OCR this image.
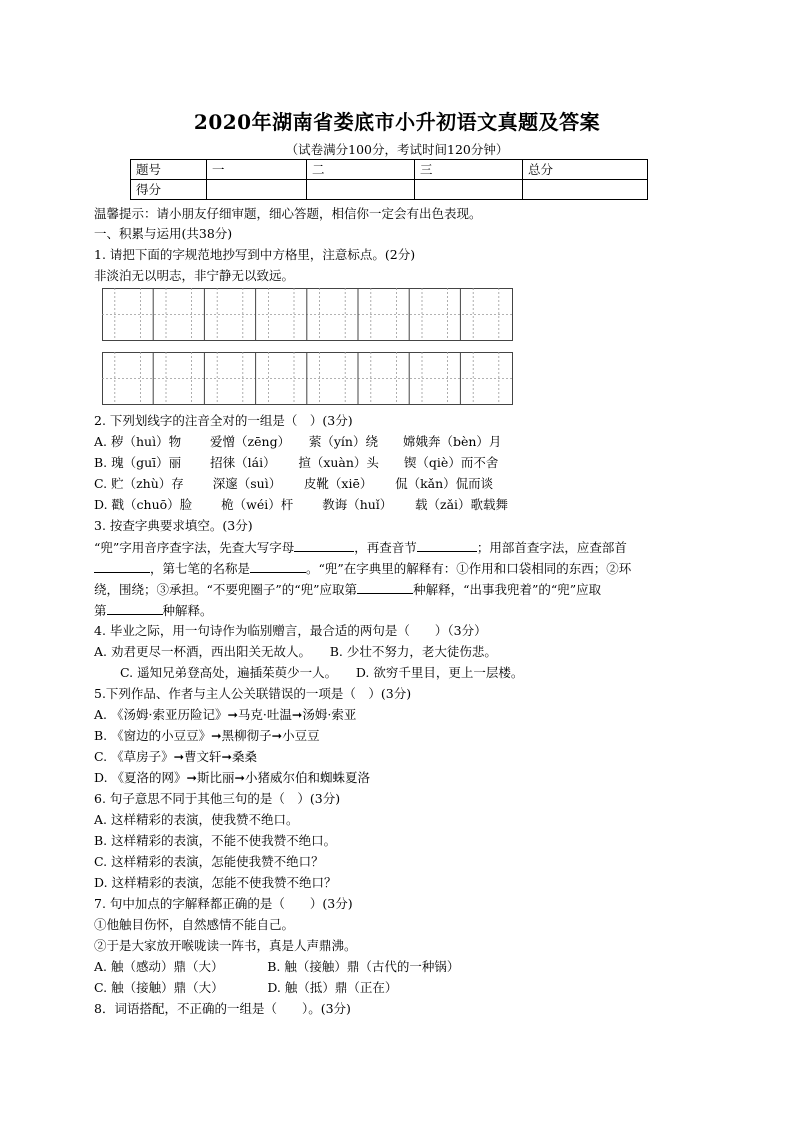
2020年湖南省娄底市小升初语文真题及答案
（试卷满分100分，考试时间120分钟）
题号	一	二	三	总分
得分				
温馨提示：请小朋友仔细审题，细心答题，相信你一定会有出色表现。
一、积累与运用(共38分)
1. 请把下面的字规范地抄写到中方格里，注意标点。(2分)
非淡泊无以明志，非宁静无以致远。
2. 下列划线字的注音全对的一组是（　）(3分)
A. 秽（huì）物　　 爱憎（zēng）　　萦（yín）绕　　嫦娥奔（bèn）月
B. 瑰（guī）丽　　 招徕（lái）　　 揎（xuàn）头　　锲（qiè）而不舍
C. 贮（zhù）存　　 深邃（suì）　　 皮靴（xiē）　　 侃（kǎn）侃而谈
D. 戳（chuō）脸　　 桅（wéi）杆　　 教诲（huǐ）　　 载（zǎi）歌载舞
3. 按查字典要求填空。(3分)
“兜”字用音序查字法，先查大写字母	，再查音节	；用部首查字法，应查部首
，第七笔的名称是	。“兜”在字典里的解释有：①作用和口袋相同的东西；②环
绕，围绕；③承担。“不要兜圈子”的“兜”应取第	种解释，“出事我兜着”的“兜”应取
第	种解释。
4. 毕业之际，用一句诗作为临别赠言，最合适的两句是（　　）（3分）
A. 劝君更尽一杯酒，西出阳关无故人。　　B. 少壮不努力，老大徒伤悲。
C. 遥知兄弟登高处，遍插茱萸少一人。　　D. 欲穷千里目，更上一层楼。
5.下列作品、作者与主人公关联错误的一项是（　）(3分)
A. 《汤姆·索亚历险记》➞马克·吐温➞汤姆·索亚
B. 《窗边的小豆豆》➞黑柳彻子➞小豆豆
C. 《草房子》➞曹文轩➞桑桑
D. 《夏洛的网》➞斯比丽➞小猪威尔伯和蜘蛛夏洛
6. 句子意思不同于其他三句的是（　）(3分)
A. 这样精彩的表演，使我赞不绝口。
B. 这样精彩的表演，不能不使我赞不绝口。
C. 这样精彩的表演，怎能使我赞不绝口？
D. 这样精彩的表演，怎能不使我赞不绝口？
7. 句中加点的字解释都正确的是（　　）(3分)
①他触目伤怀，自然感情不能自己。
②于是大家放开喉咙读一阵书，真是人声鼎沸。
A. 触（感动）鼎（大）　　　　B. 触（接触）鼎（古代的一种锅）
C. 触（接触）鼎（大）　　　　D. 触（抵）鼎（正在）
8．词语搭配，不正确的一组是（　　）。(3分)
